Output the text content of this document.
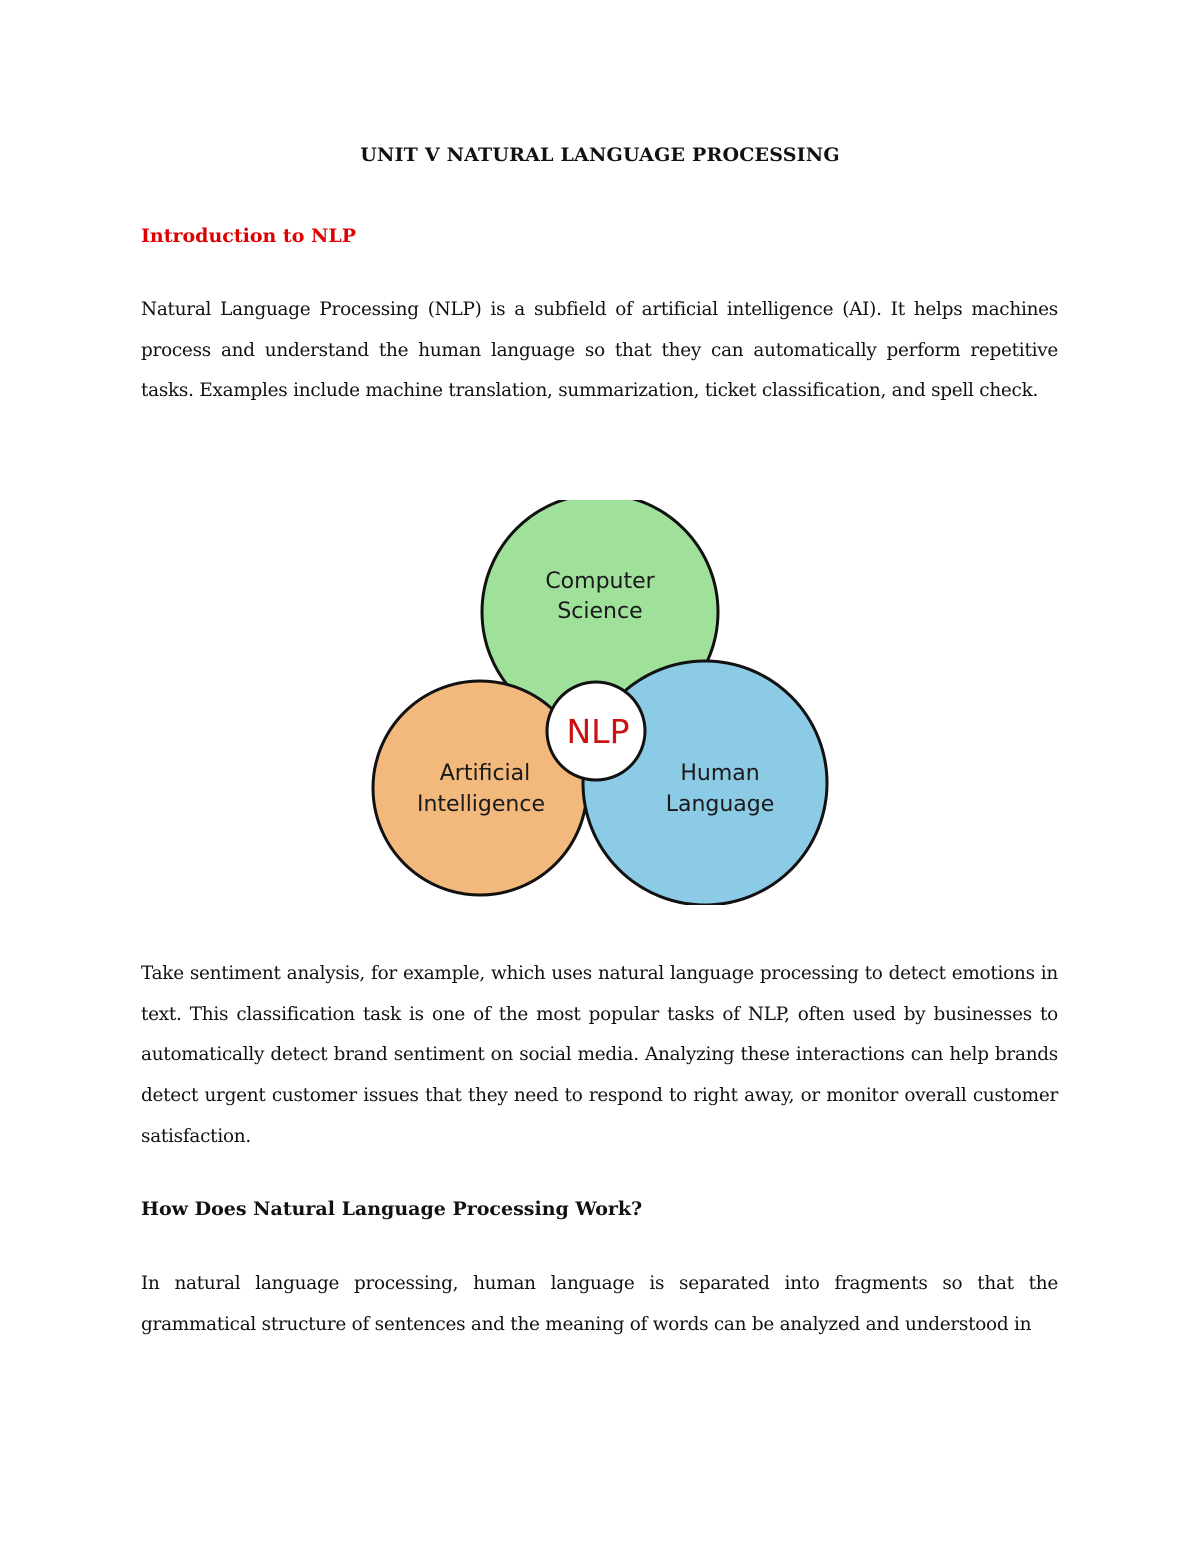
UNIT V NATURAL LANGUAGE PROCESSING
Introduction to NLP

Natural Language Processing (NLP) is a subfield of artificial intelligence (AI). It helps machines process and understand the human language so that they can automatically perform repetitive tasks. Examples include machine translation, summarization, ticket classification, and spell check.

Computer
Science
Artificial
Intelligence
Human
Language
NLP

Take sentiment analysis, for example, which uses natural language processing to detect emotions in text. This classification task is one of the most popular tasks of NLP, often used by businesses to automatically detect brand sentiment on social media. Analyzing these interactions can help brands detect urgent customer issues that they need to respond to right away, or monitor overall customer satisfaction.

How Does Natural Language Processing Work?

In natural language processing, human language is separated into fragments so that the grammatical structure of sentences and the meaning of words can be analyzed and understood in
